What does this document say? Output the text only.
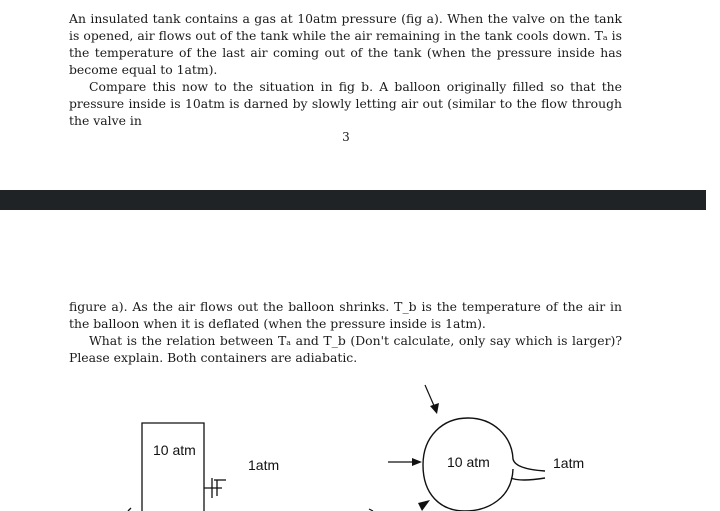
An insulated tank contains a gas at 10atm pressure (fig a). When the valve on the tank is opened, air flows out of the tank while the air remaining in the tank cools down. Tₐ is the temperature of the last air coming out of the tank (when the pressure inside has become equal to 1atm).

Compare this now to the situation in fig b. A balloon originally filled so that the pressure inside is 10atm is darned by slowly letting air out (similar to the flow through the valve in

3

figure a). As the air flows out the balloon shrinks. T_b is the temperature of the air in the balloon when it is deflated (when the pressure inside is 1atm).

What is the relation between Tₐ and T_b (Don't calculate, only say which is larger)? Please explain. Both containers are adiabatic.

10 atm
1atm	10 atm	1atm
